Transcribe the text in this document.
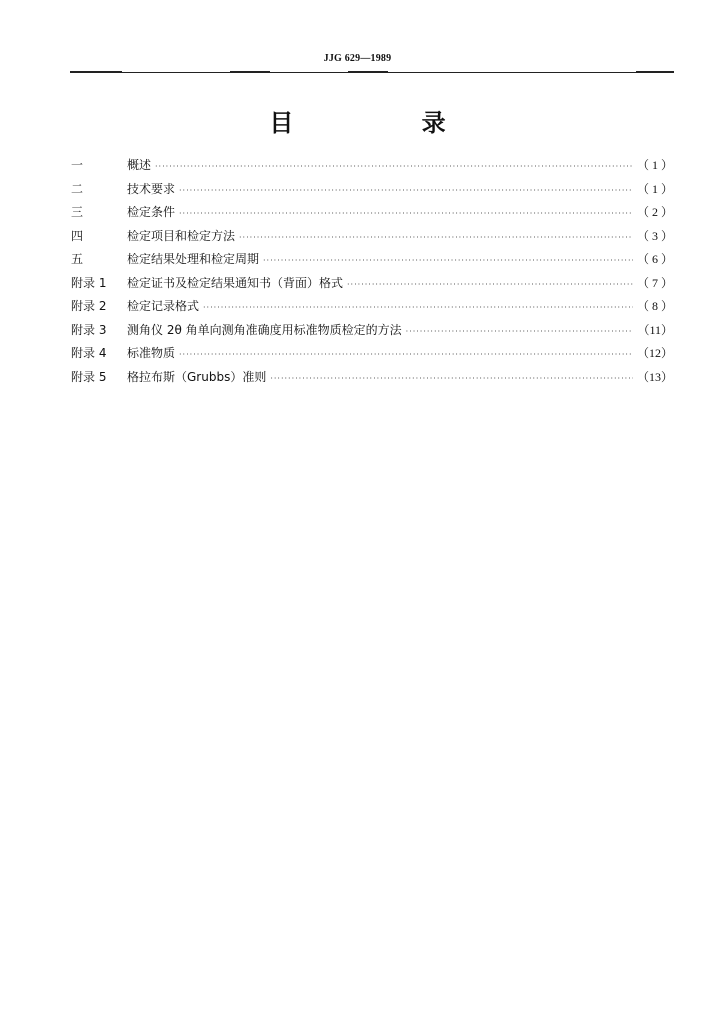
JJG 629—1989
目 录
一	概述 ·····	（ 1 ）
二	技术要求 ·····	（ 1 ）
三	检定条件 ·····	（ 2 ）
四	检定项目和检定方法 ·····	（ 3 ）
五	检定结果处理和检定周期 ·····	（ 6 ）
附录 1	检定证书及检定结果通知书（背面）格式 ·····	（ 7 ）
附录 2	检定记录格式 ·····	（ 8 ）
附录 3	测角仪 2θ 角单向测角准确度用标准物质检定的方法 ·····	（11）
附录 4	标准物质 ·····	（12）
附录 5	格拉布斯（Grubbs）准则 ·····	（13）
